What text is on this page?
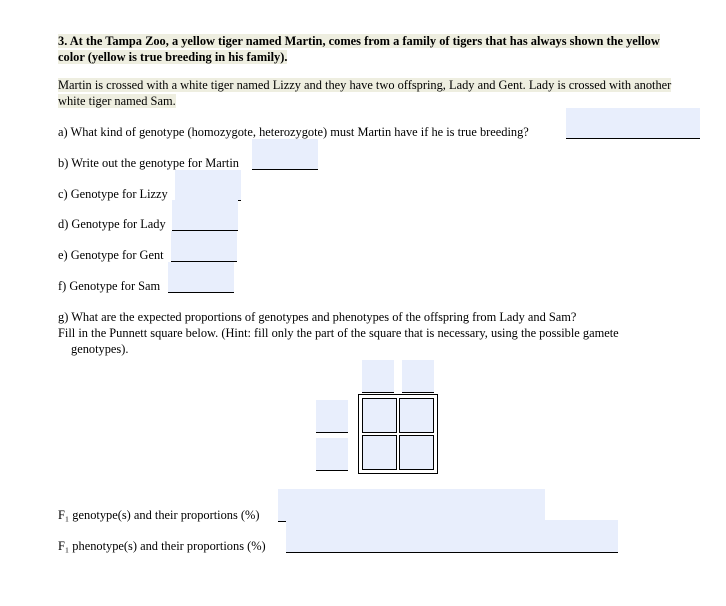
3. At the Tampa Zoo, a yellow tiger named Martin, comes from a family of tigers that has always shown the yellow color (yellow is true breeding in his family).
Martin is crossed with a white tiger named Lizzy and they have two offspring, Lady and Gent. Lady is crossed with another white tiger named Sam.
a) What kind of genotype (homozygote, heterozygote) must Martin have if he is true breeding?
b) Write out the genotype for Martin
c) Genotype for Lizzy
d) Genotype for Lady
e) Genotype for Gent
f) Genotype for Sam
g) What are the expected proportions of genotypes and phenotypes of the offspring from Lady and Sam?
Fill in the Punnett square below. (Hint: fill only the part of the square that is necessary, using the possible gamete
genotypes).
F₁ genotype(s) and their proportions (%)
F₁ phenotype(s) and their proportions (%)
